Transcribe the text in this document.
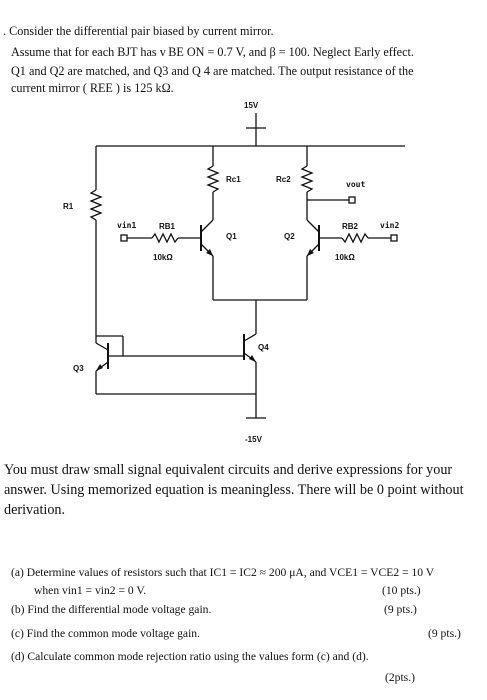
. Consider the differential pair biased by current mirror.
Assume that for each BJT has v BE ON = 0.7 V, and β = 100. Neglect Early effect.
Q1 and Q2 are matched, and Q3 and Q 4 are matched. The output resistance of the
current mirror ( REE ) is 125 kΩ.
15V
Rc1	Rc2
R1
vout
vin1	RB1
Q1	Q2
RB2	vin2
10kΩ	10kΩ
Q4
Q3
-15V
You must draw small signal equivalent circuits and derive expressions for your answer. Using memorized equation is meaningless. There will be 0 point without derivation.
(a) Determine values of resistors such that IC1 = IC2 ≈ 200 μA, and VCE1 = VCE2 = 10 V
when vin1 = vin2 = 0 V.	(10 pts.)
(b) Find the differential mode voltage gain.	(9 pts.)
(c) Find the common mode voltage gain.	(9 pts.)
(d) Calculate common mode rejection ratio using the values form (c) and (d).
(2pts.)
